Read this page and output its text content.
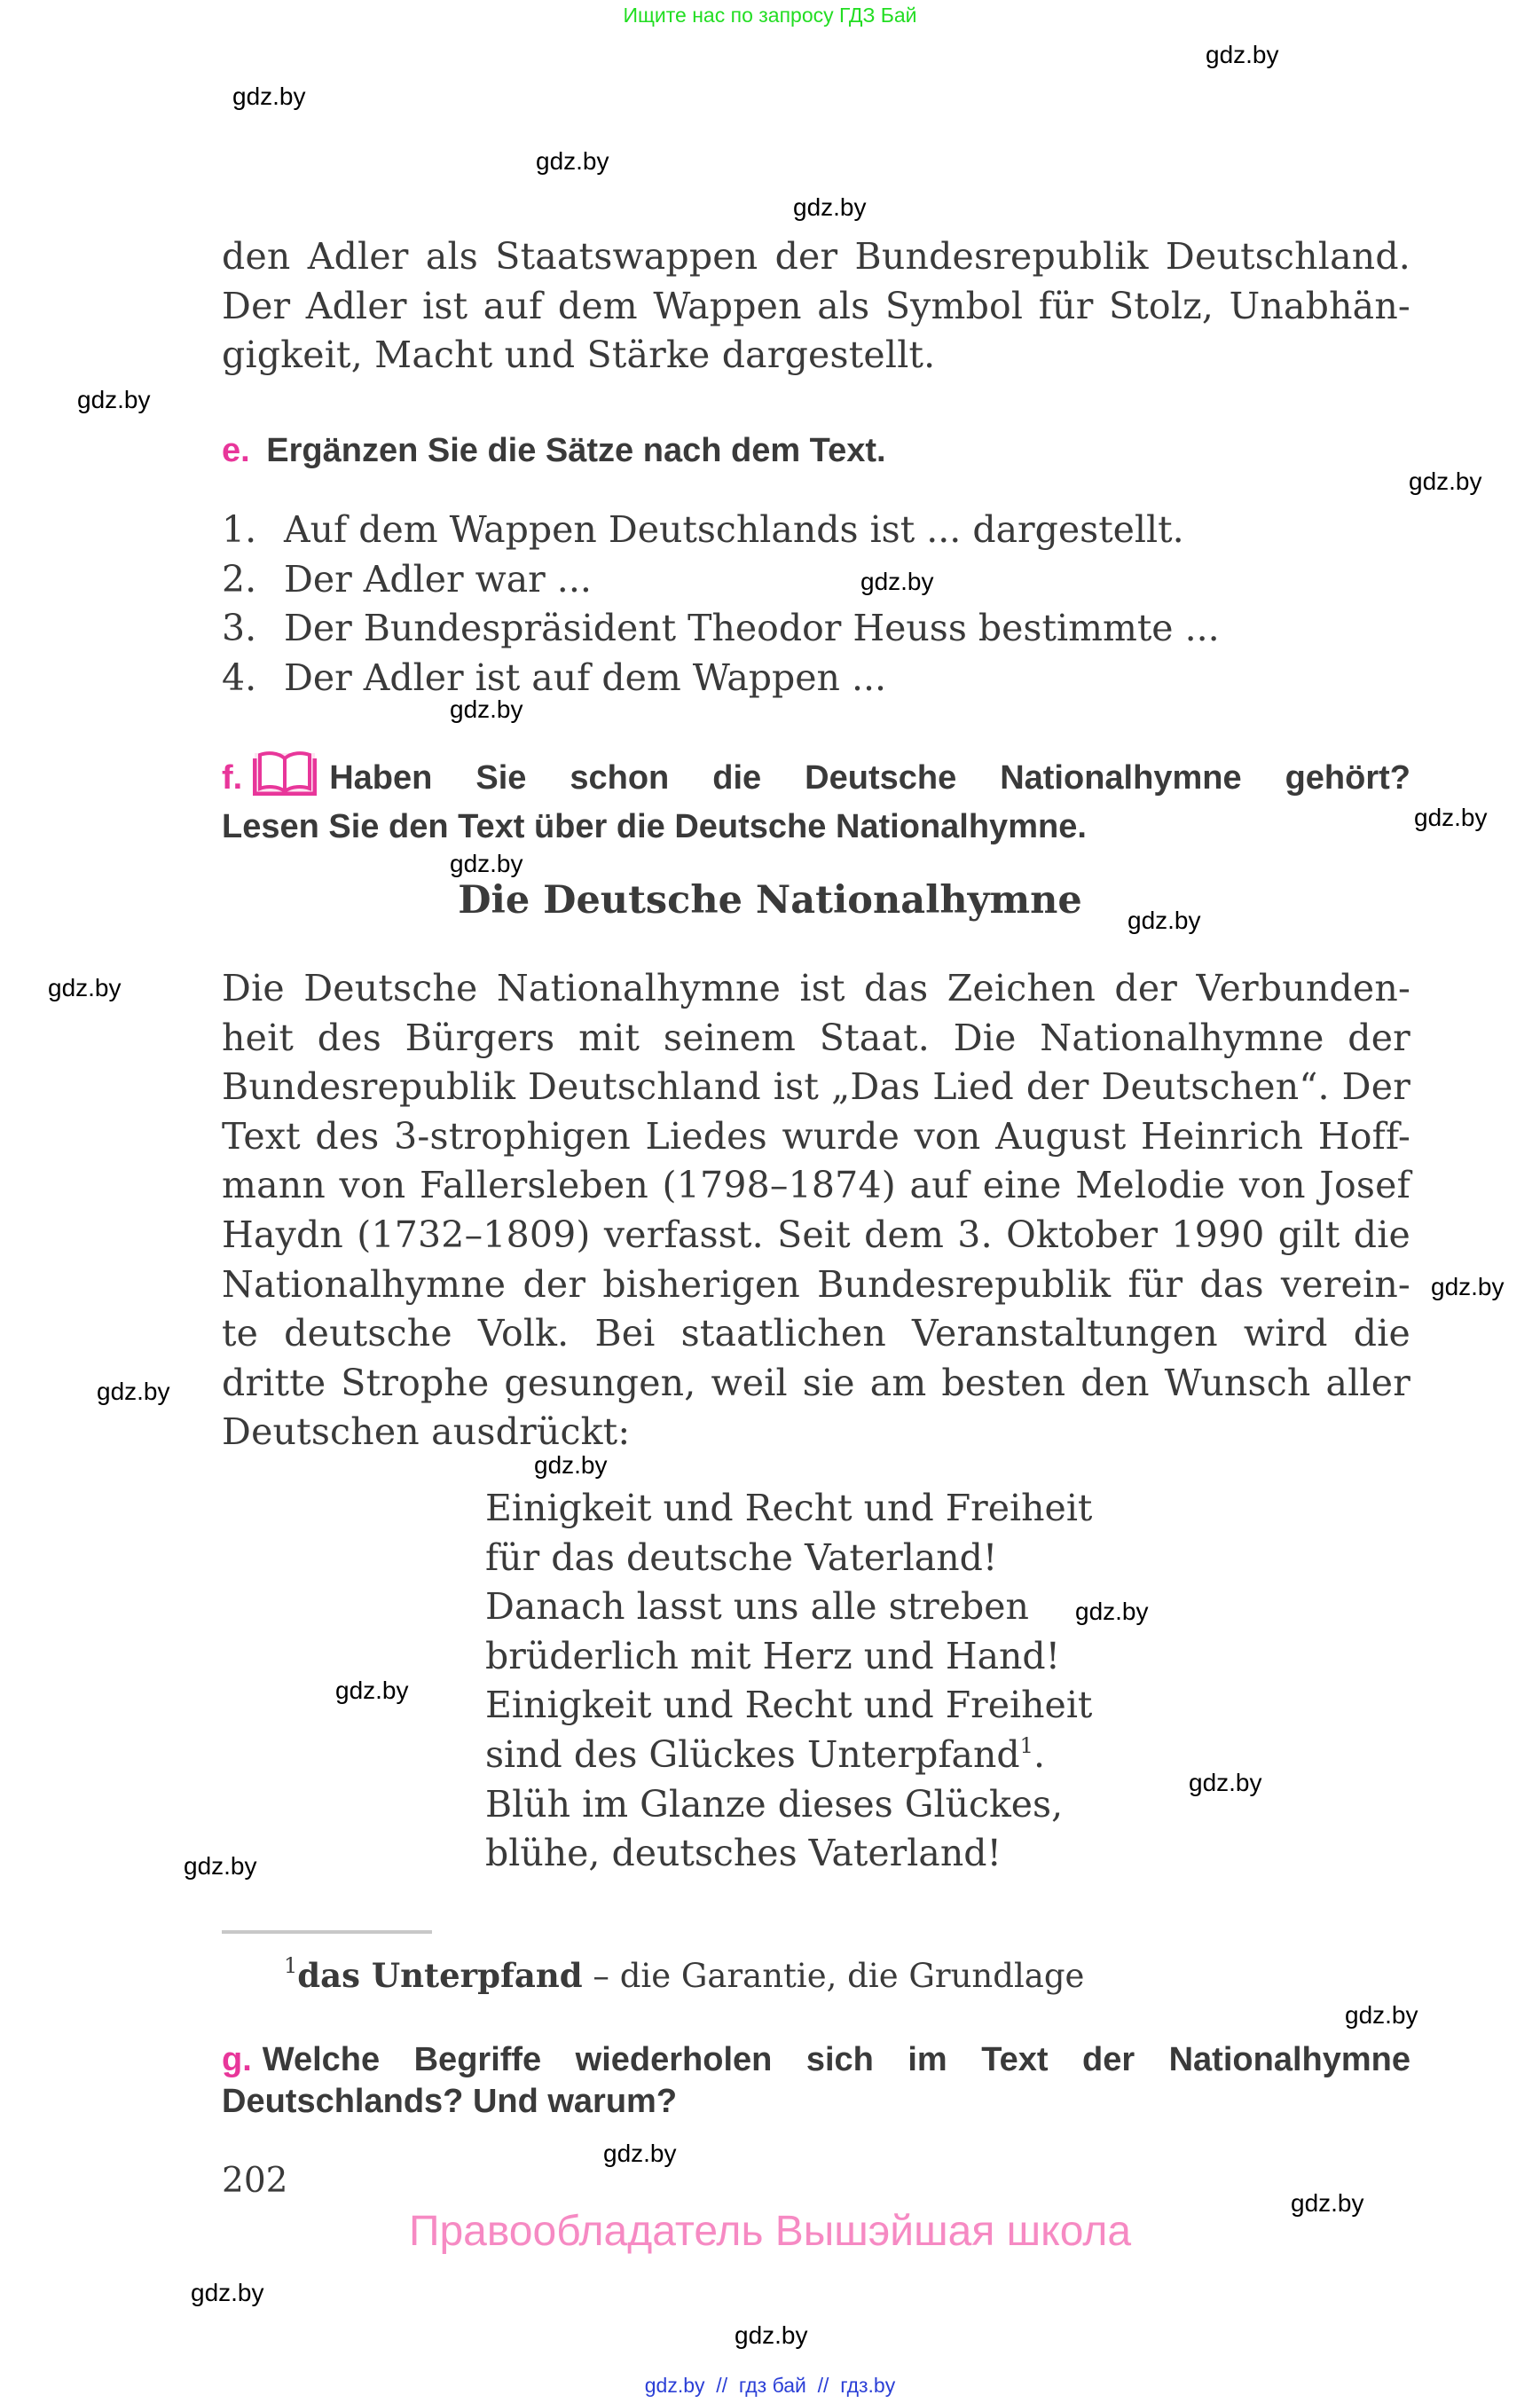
Ищите нас по запросу ГДЗ Бай
gdz.by
gdz.by
gdz.by
gdz.by
gdz.by
gdz.by
gdz.by
gdz.by
gdz.by
gdz.by
gdz.by
gdz.by
gdz.by
gdz.by
gdz.by
gdz.by
gdz.by
gdz.by
gdz.by
gdz.by
gdz.by
gdz.by
gdz.by
gdz.by
den Adler als Staatswappen der Bundesrepublik Deutschland.
Der Adler ist auf dem Wappen als Symbol für Stolz, Unabhän-
gigkeit, Macht und Stärke dargestellt.
e. Ergänzen Sie die Sätze nach dem Text.
1. Auf dem Wappen Deutschlands ist ... dargestellt.
2. Der Adler war ...
3. Der Bundespräsident Theodor Heuss bestimmte ...
4. Der Adler ist auf dem Wappen ...
f.	Haben Sie schon die Deutsche Nationalhymne gehört?
Lesen Sie den Text über die Deutsche Nationalhymne.
Die Deutsche Nationalhymne
Die Deutsche Nationalhymne ist das Zeichen der Verbunden-
heit des Bürgers mit seinem Staat. Die Nationalhymne der
Bundesrepublik Deutschland ist „Das Lied der Deutschen“. Der
Text des 3-strophigen Liedes wurde von August Heinrich Hoff-
mann von Fallersleben (1798–1874) auf eine Melodie von Josef
Haydn (1732–1809) verfasst. Seit dem 3. Oktober 1990 gilt die
Nationalhymne der bisherigen Bundesrepublik für das verein-
te deutsche Volk. Bei staatlichen Veranstaltungen wird die
dritte Strophe gesungen, weil sie am besten den Wunsch aller
Deutschen ausdrückt:
Einigkeit und Recht und Freiheit
für das deutsche Vaterland!
Danach lasst uns alle streben
brüderlich mit Herz und Hand!
Einigkeit und Recht und Freiheit
sind des Glückes Unterpfand$^1$.
Blüh im Glanze dieses Glückes,
blühe, deutsches Vaterland!
$^1$das Unterpfand – die Garantie, die Grundlage
g. Welche Begriffe wiederholen sich im Text der Nationalhymne
Deutschlands? Und warum?
202
Правообладатель Вышэйшая школа
gdz.by  //  гдз бай  //  гдз.by
